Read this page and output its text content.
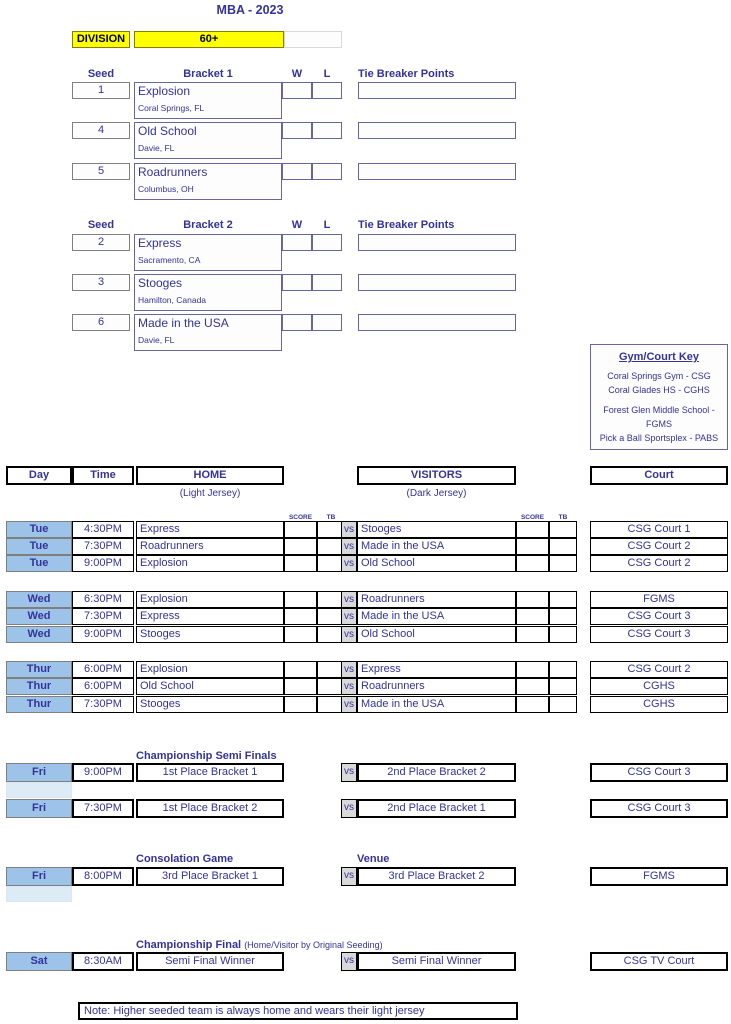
MBA - 2023
DIVISION	60+
Seed	Bracket 1	W	L	Tie Breaker Points
1	Explosion
Coral Springs, FL
4	Old School
Davie, FL
5	Roadrunners
Columbus, OH
Seed	Bracket 2	W	L	Tie Breaker Points
2	Express
Sacramento, CA
3	Stooges
Hamilton, Canada
6	Made in the USA
Davie, FL
Gym/Court Key
Coral Springs Gym - CSG
Coral Glades HS - CGHS
Forest Glen Middle School - FGMS
Pick a Ball Sportsplex - PABS
Day	Time	HOME	VISITORS	Court
(Light Jersey)	(Dark Jersey)
SCORE	TB	SCORE	TB
Tue	4:30PM	Express	vs Stooges	CSG Court 1
Tue	7:30PM	Roadrunners	vs Made in the USA	CSG Court 2
Tue	9:00PM	Explosion	vs Old School	CSG Court 2
Wed	6:30PM	Explosion	vs Roadrunners	FGMS
Wed	7:30PM	Express	vs Made in the USA	CSG Court 3
Wed	9:00PM	Stooges	vs Old School	CSG Court 3
Thur	6:00PM	Explosion	vs Express	CSG Court 2
Thur	6:00PM	Old School	vs Roadrunners	CGHS
Thur	7:30PM	Stooges	vs Made in the USA	CGHS
Championship Semi Finals
Fri	9:00PM	1st Place Bracket 1	vs	2nd Place Bracket 2	CSG Court 3
Fri	7:30PM	1st Place Bracket 2	vs	2nd Place Bracket 1	CSG Court 3
Consolation Game	Venue
Fri	8:00PM	3rd Place Bracket 1	vs	3rd Place Bracket 2	FGMS
Championship Final (Home/Visitor by Original Seeding)
Sat	8:30AM	Semi Final Winner	vs	Semi Final Winner	CSG TV Court
Note: Higher seeded team is always home and wears their light jersey
